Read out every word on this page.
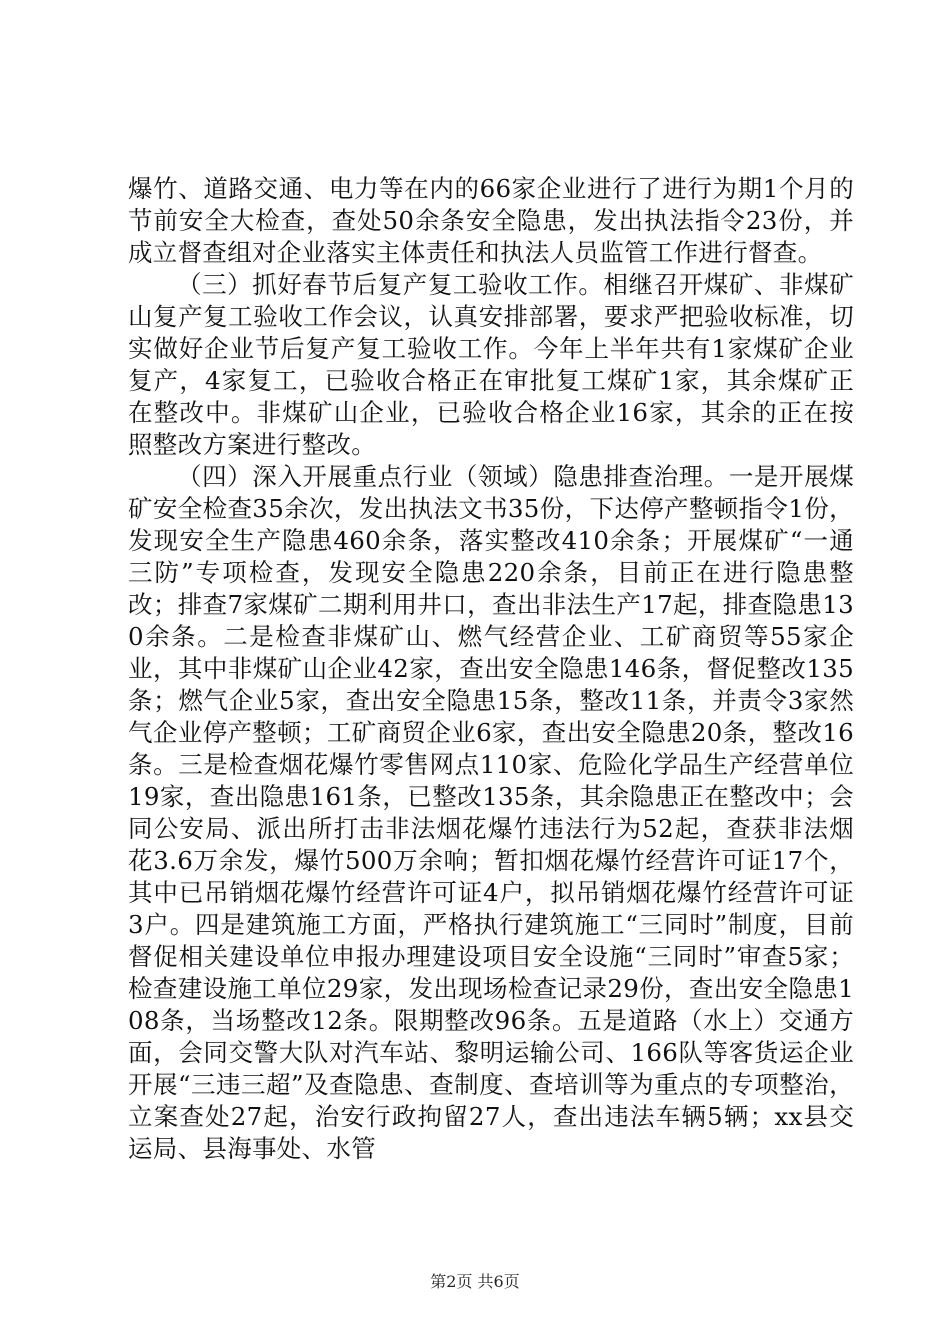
爆竹、道路交通、电力等在内的66家企业进行了进行为期1个月的节前安全大检查，查处50余条安全隐患，发出执法指令23份，并成立督查组对企业落实主体责任和执法人员监管工作进行督查。

（三）抓好春节后复产复工验收工作。相继召开煤矿、非煤矿山复产复工验收工作会议，认真安排部署，要求严把验收标准，切实做好企业节后复产复工验收工作。今年上半年共有1家煤矿企业复产，4家复工，已验收合格正在审批复工煤矿1家，其余煤矿正在整改中。非煤矿山企业，已验收合格企业16家，其余的正在按照整改方案进行整改。

（四）深入开展重点行业（领域）隐患排查治理。一是开展煤矿安全检查35余次，发出执法文书35份，下达停产整顿指令1份，发现安全生产隐患460余条，落实整改410余条；开展煤矿“一通三防”专项检查，发现安全隐患220余条，目前正在进行隐患整改；排查7家煤矿二期利用井口，查出非法生产17起，排查隐患130余条。二是检查非煤矿山、燃气经营企业、工矿商贸等55家企业，其中非煤矿山企业42家，查出安全隐患146条，督促整改135条；燃气企业5家，查出安全隐患15条，整改11条，并责令3家然气企业停产整顿；工矿商贸企业6家，查出安全隐患20条，整改16条。三是检查烟花爆竹零售网点110家、危险化学品生产经营单位19家，查出隐患161条，已整改135条，其余隐患正在整改中；会同公安局、派出所打击非法烟花爆竹违法行为52起，查获非法烟花3.6万余发，爆竹500万余响；暂扣烟花爆竹经营许可证17个，其中已吊销烟花爆竹经营许可证4户，拟吊销烟花爆竹经营许可证3户。四是建筑施工方面，严格执行建筑施工“三同时”制度，目前督促相关建设单位申报办理建设项目安全设施“三同时”审查5家；检查建设施工单位29家，发出现场检查记录29份，查出安全隐患108条，当场整改12条。限期整改96条。五是道路（水上）交通方面，会同交警大队对汽车站、黎明运输公司、166队等客货运企业开展“三违三超”及查隐患、查制度、查培训等为重点的专项整治，立案查处27起，治安行政拘留27人，查出违法车辆5辆；xx县交运局、县海事处、水管

第2页 共6页
